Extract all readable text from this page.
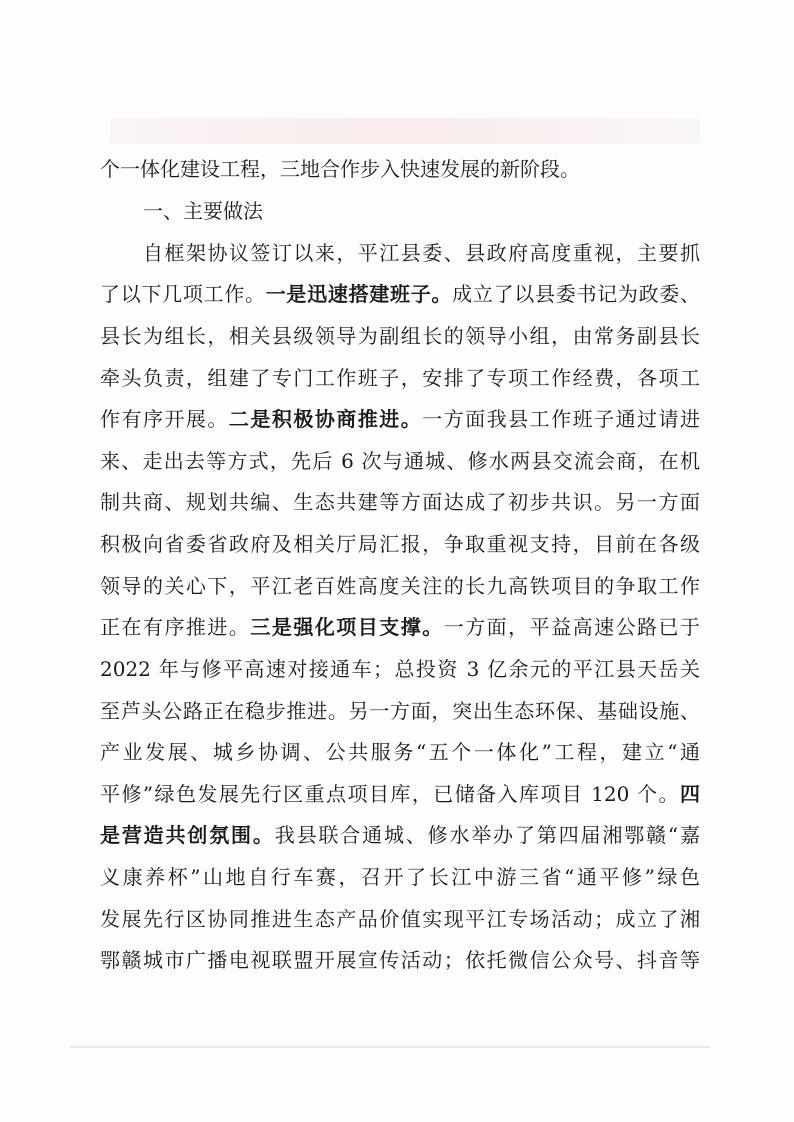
个一体化建设工程，三地合作步入快速发展的新阶段。
一、主要做法
自框架协议签订以来，平江县委、县政府高度重视，主要抓
了以下几项工作。一是迅速搭建班子。成立了以县委书记为政委、
县长为组长，相关县级领导为副组长的领导小组，由常务副县长
牵头负责，组建了专门工作班子，安排了专项工作经费，各项工
作有序开展。二是积极协商推进。一方面我县工作班子通过请进
来、走出去等方式，先后 6 次与通城、修水两县交流会商，在机
制共商、规划共编、生态共建等方面达成了初步共识。另一方面
积极向省委省政府及相关厅局汇报，争取重视支持，目前在各级
领导的关心下，平江老百姓高度关注的长九高铁项目的争取工作
正在有序推进。三是强化项目支撑。一方面，平益高速公路已于
2022 年与修平高速对接通车；总投资 3 亿余元的平江县天岳关
至芦头公路正在稳步推进。另一方面，突出生态环保、基础设施、
产业发展、城乡协调、公共服务“五个一体化”工程，建立“通
平修”绿色发展先行区重点项目库，已储备入库项目 120 个。四
是营造共创氛围。我县联合通城、修水举办了第四届湘鄂赣“嘉
义康养杯”山地自行车赛，召开了长江中游三省“通平修”绿色
发展先行区协同推进生态产品价值实现平江专场活动；成立了湘
鄂赣城市广播电视联盟开展宣传活动；依托微信公众号、抖音等
